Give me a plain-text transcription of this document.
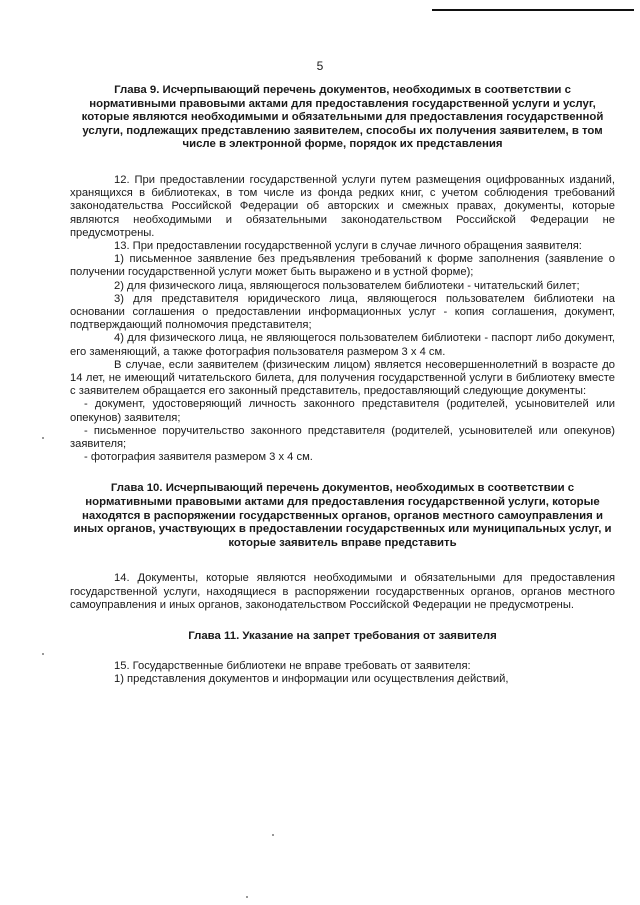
5
Глава 9. Исчерпывающий перечень документов, необходимых в соответствии с нормативными правовыми актами для предоставления государственной услуги и услуг, которые являются необходимыми и обязательными для предоставления государственной услуги, подлежащих представлению заявителем, способы их получения заявителем, в том числе в электронной форме, порядок их представления

12. При предоставлении государственной услуги путем размещения оцифрованных изданий, хранящихся в библиотеках, в том числе из фонда редких книг, с учетом соблюдения требований законодательства Российской Федерации об авторских и смежных правах, документы, которые являются необходимыми и обязательными законодательством Российской Федерации не предусмотрены.

13. При предоставлении государственной услуги в случае личного обращения заявителя:

1) письменное заявление без предъявления требований к форме заполнения (заявление о получении государственной услуги может быть выражено и в устной форме);

2) для физического лица, являющегося пользователем библиотеки - читательский билет;

3) для представителя юридического лица, являющегося пользователем библиотеки на основании соглашения о предоставлении информационных услуг - копия соглашения, документ, подтверждающий полномочия представителя;

4) для физического лица, не являющегося пользователем библиотеки - паспорт либо документ, его заменяющий, а также фотография пользователя размером 3 х 4 см.

В случае, если заявителем (физическим лицом) является несовершеннолетний в возрасте до 14 лет, не имеющий читательского билета, для получения государственной услуги в библиотеку вместе с заявителем обращается его законный представитель, предоставляющий следующие документы:

- документ, удостоверяющий личность законного представителя (родителей, усыновителей или опекунов) заявителя;

- письменное поручительство законного представителя (родителей, усыновителей или опекунов) заявителя;

- фотография заявителя размером 3 х 4 см.

Глава 10. Исчерпывающий перечень документов, необходимых в соответствии с нормативными правовыми актами для предоставления государственной услуги, которые находятся в распоряжении государственных органов, органов местного самоуправления и иных органов, участвующих в предоставлении государственных или муниципальных услуг, и которые заявитель вправе представить

14. Документы, которые являются необходимыми и обязательными для предоставления государственной услуги, находящиеся в распоряжении государственных органов, органов местного самоуправления и иных органов, законодательством Российской Федерации не предусмотрены.

Глава 11. Указание на запрет требования от заявителя

15. Государственные библиотеки не вправе требовать от заявителя:

1) представления документов и информации или осуществления действий,
